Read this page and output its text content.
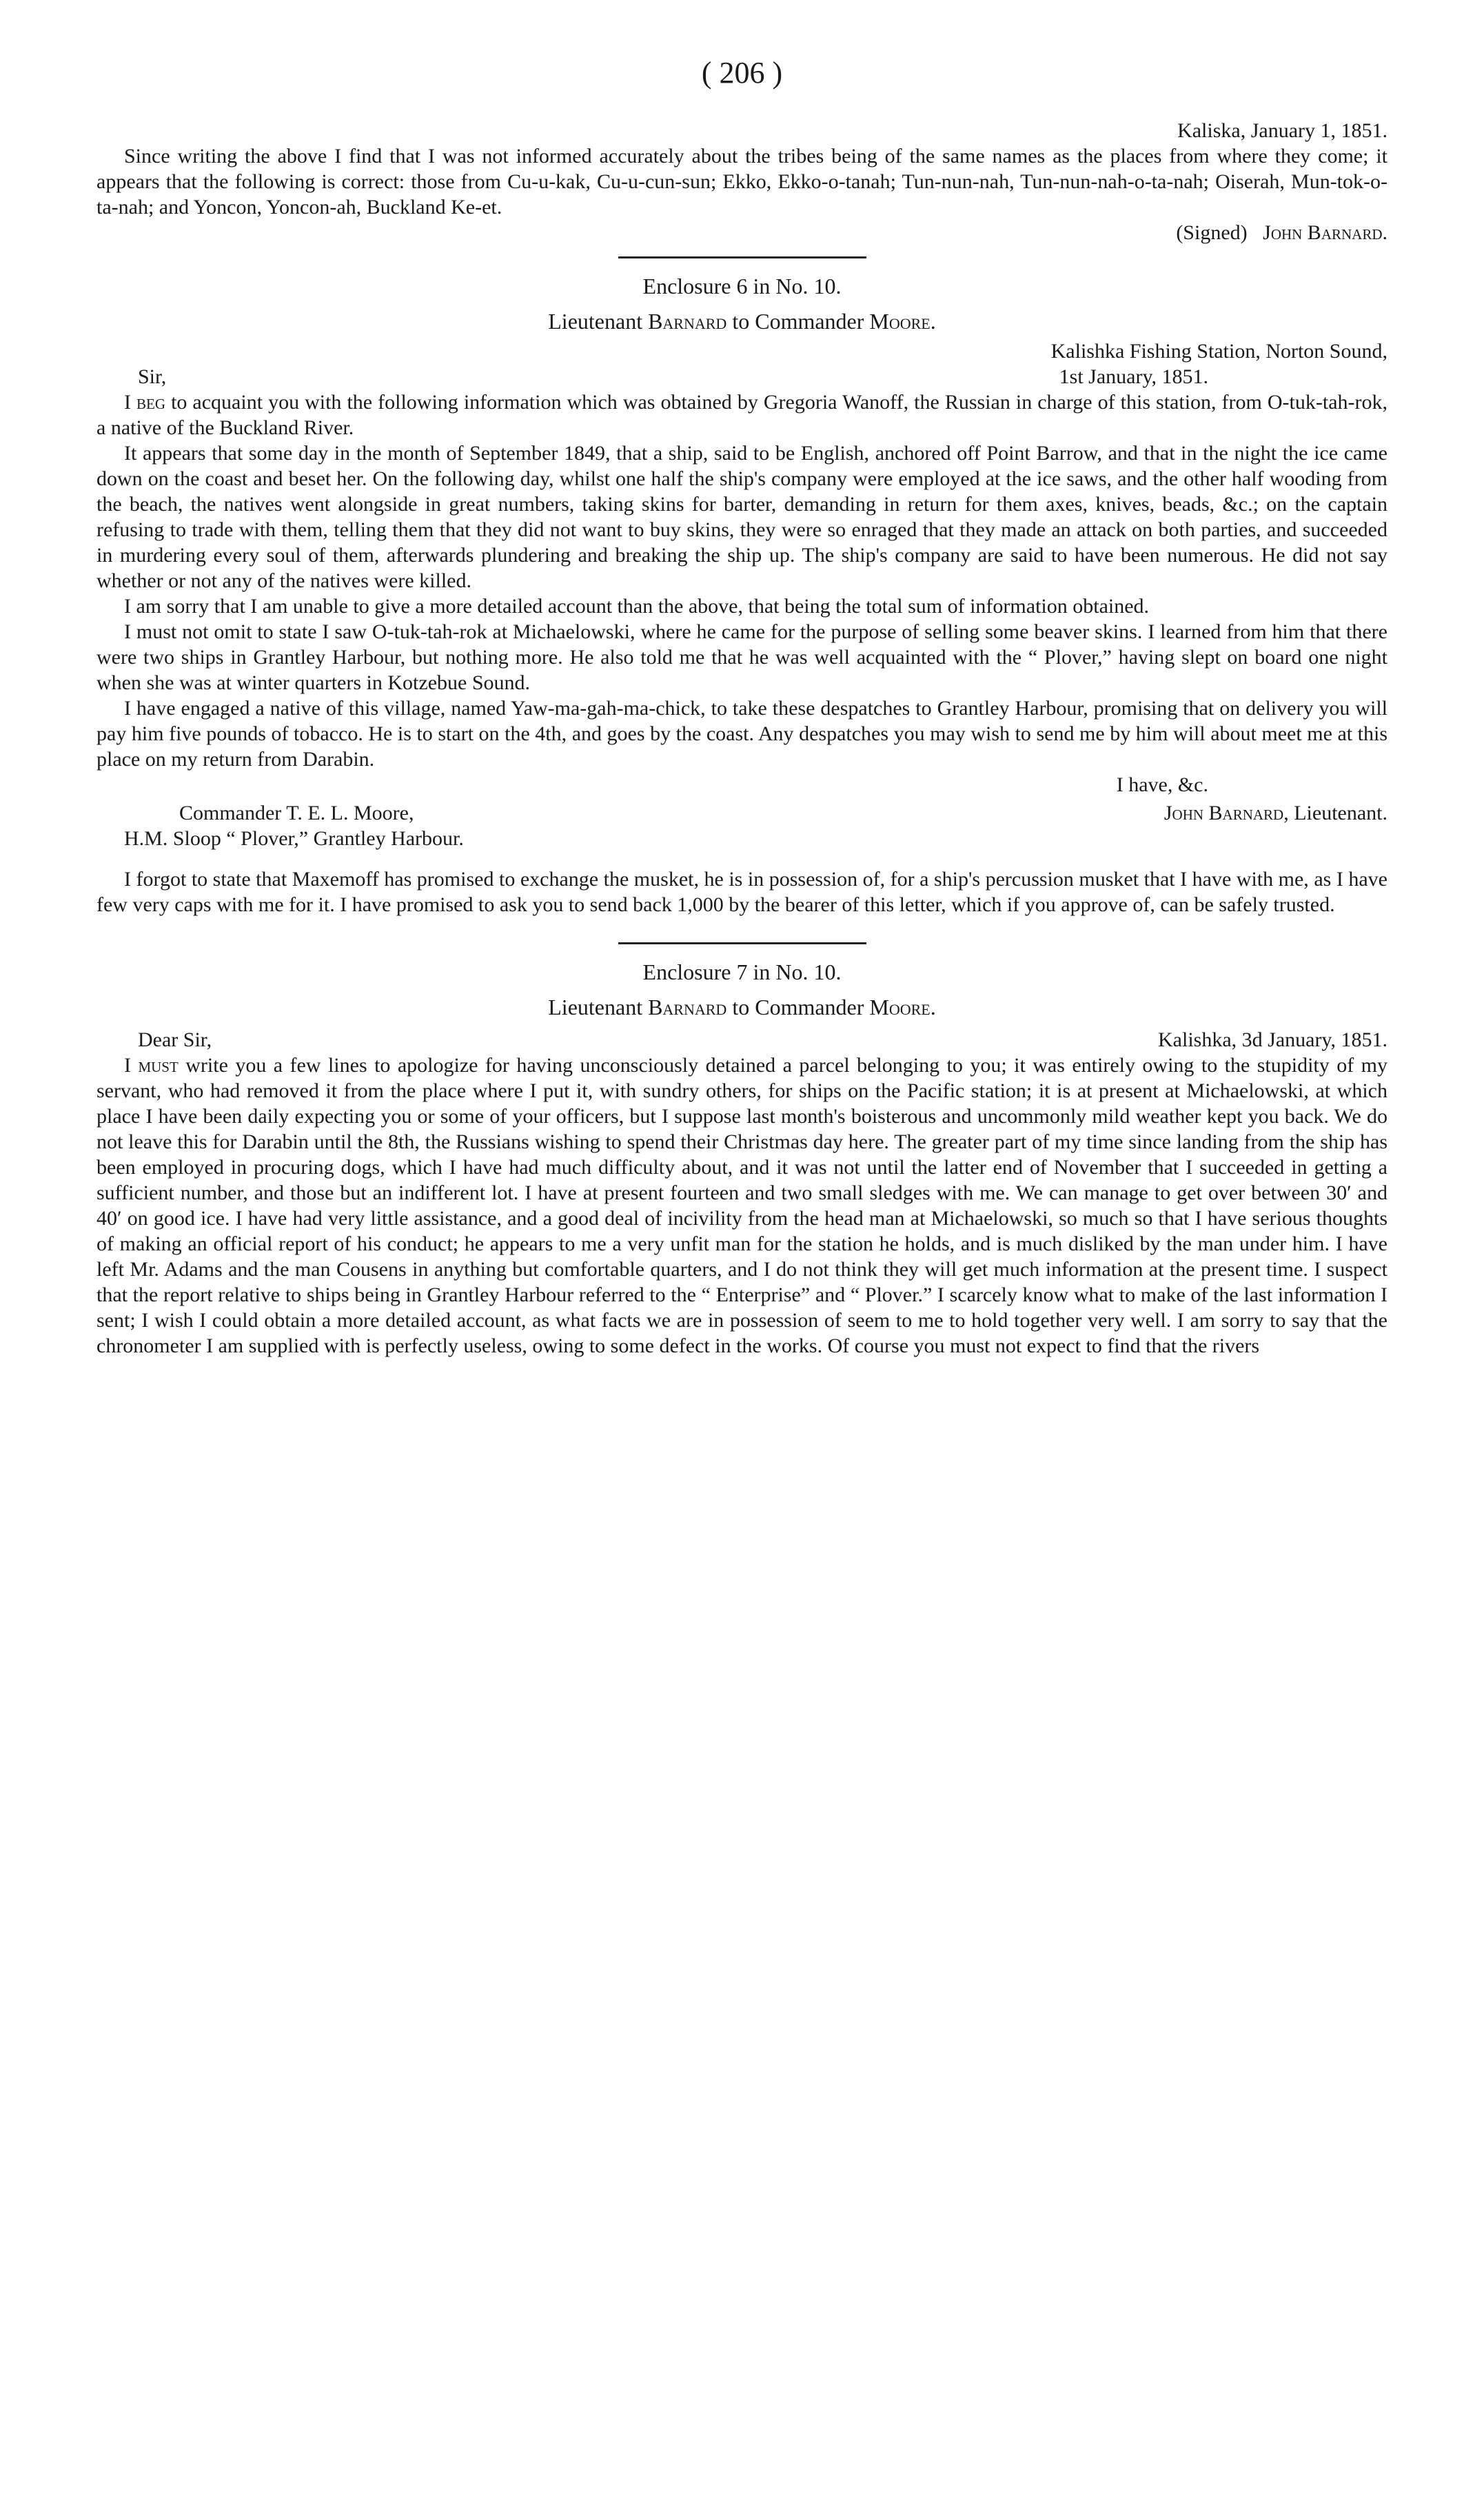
( 206 )

Kaliska, January 1, 1851.

Since writing the above I find that I was not informed accurately about the tribes being of the same names as the places from where they come; it appears that the following is correct: those from Cu-u-kak, Cu-u-cun-sun; Ekko, Ekko-o-tanah; Tun-nun-nah, Tun-nun-nah-o-ta-nah; Oiserah, Mun-tok-o-ta-nah; and Yoncon, Yoncon-ah, Buckland Ke-et.

(Signed) John Barnard.

Enclosure 6 in No. 10.
Lieutenant Barnard to Commander Moore.

Kalishka Fishing Station, Norton Sound,

Sir,	1st January, 1851.

I beg to acquaint you with the following information which was obtained by Gregoria Wanoff, the Russian in charge of this station, from O-tuk-tah-rok, a native of the Buckland River.

It appears that some day in the month of September 1849, that a ship, said to be English, anchored off Point Barrow, and that in the night the ice came down on the coast and beset her. On the following day, whilst one half the ship's company were employed at the ice saws, and the other half wooding from the beach, the natives went alongside in great numbers, taking skins for barter, demanding in return for them axes, knives, beads, &c.; on the captain refusing to trade with them, telling them that they did not want to buy skins, they were so enraged that they made an attack on both parties, and succeeded in murdering every soul of them, afterwards plundering and breaking the ship up. The ship's company are said to have been numerous. He did not say whether or not any of the natives were killed.

I am sorry that I am unable to give a more detailed account than the above, that being the total sum of information obtained.

I must not omit to state I saw O-tuk-tah-rok at Michaelowski, where he came for the purpose of selling some beaver skins. I learned from him that there were two ships in Grantley Harbour, but nothing more. He also told me that he was well acquainted with the “ Plover,” having slept on board one night when she was at winter quarters in Kotzebue Sound.

I have engaged a native of this village, named Yaw-ma-gah-ma-chick, to take these despatches to Grantley Harbour, promising that on delivery you will pay him five pounds of tobacco. He is to start on the 4th, and goes by the coast. Any despatches you may wish to send me by him will about meet me at this place on my return from Darabin.

I have, &c.

Commander T. E. L. Moore,	John Barnard, Lieutenant.

H.M. Sloop “ Plover,” Grantley Harbour.

I forgot to state that Maxemoff has promised to exchange the musket, he is in possession of, for a ship's percussion musket that I have with me, as I have few very caps with me for it. I have promised to ask you to send back 1,000 by the bearer of this letter, which if you approve of, can be safely trusted.

Enclosure 7 in No. 10.
Lieutenant Barnard to Commander Moore.
Dear Sir,	Kalishka, 3d January, 1851.

I must write you a few lines to apologize for having unconsciously detained a parcel belonging to you; it was entirely owing to the stupidity of my servant, who had removed it from the place where I put it, with sundry others, for ships on the Pacific station; it is at present at Michaelowski, at which place I have been daily expecting you or some of your officers, but I suppose last month's boisterous and uncommonly mild weather kept you back. We do not leave this for Darabin until the 8th, the Russians wishing to spend their Christmas day here. The greater part of my time since landing from the ship has been employed in procuring dogs, which I have had much difficulty about, and it was not until the latter end of November that I succeeded in getting a sufficient number, and those but an indifferent lot. I have at present fourteen and two small sledges with me. We can manage to get over between 30′ and 40′ on good ice. I have had very little assistance, and a good deal of incivility from the head man at Michaelowski, so much so that I have serious thoughts of making an official report of his conduct; he appears to me a very unfit man for the station he holds, and is much disliked by the man under him. I have left Mr. Adams and the man Cousens in anything but comfortable quarters, and I do not think they will get much information at the present time. I suspect that the report relative to ships being in Grantley Harbour referred to the “ Enterprise” and “ Plover.” I scarcely know what to make of the last information I sent; I wish I could obtain a more detailed account, as what facts we are in possession of seem to me to hold together very well. I am sorry to say that the chronometer I am supplied with is perfectly useless, owing to some defect in the works. Of course you must not expect to find that the rivers
